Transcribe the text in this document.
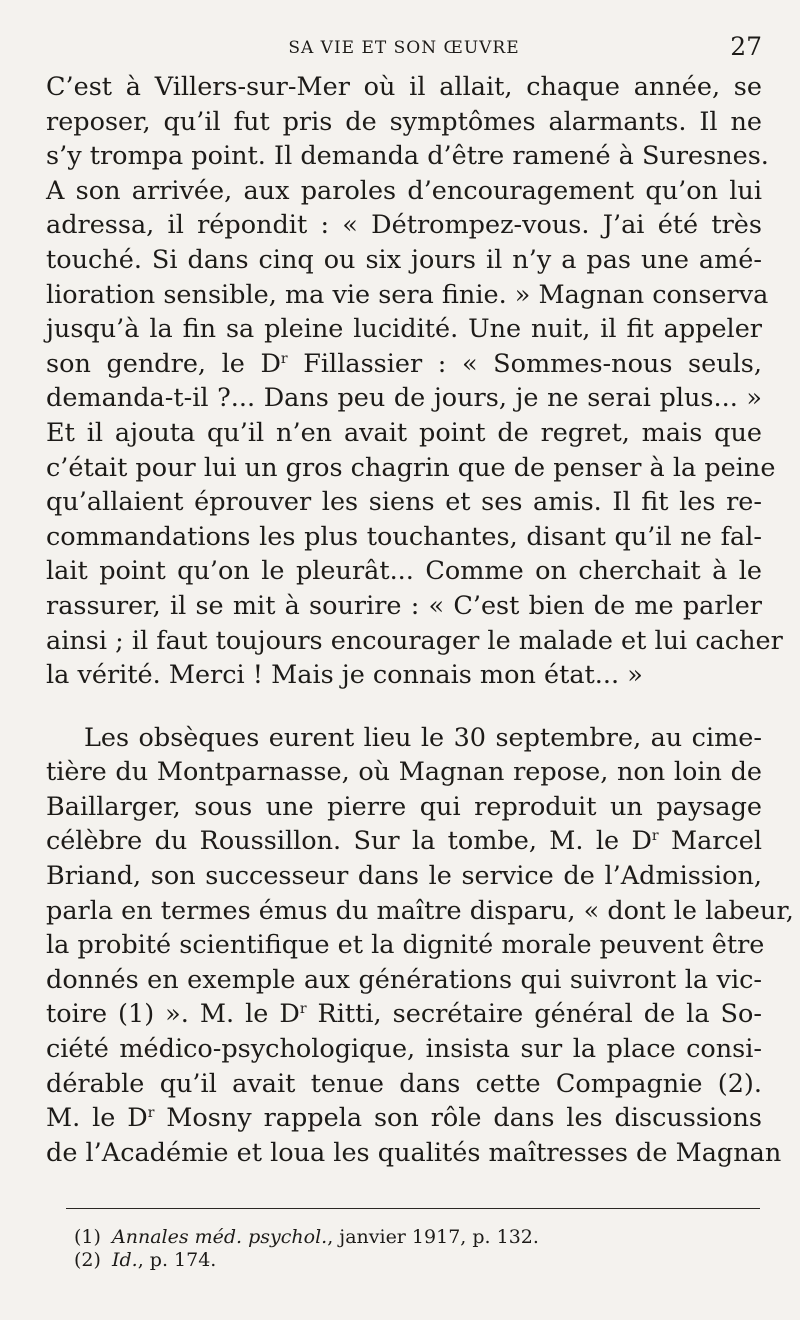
SA VIE ET SON ŒUVRE	27
C’est à Villers-sur-Mer où il allait, chaque année, se
reposer, qu’il fut pris de symptômes alarmants. Il ne
s’y trompa point. Il demanda d’être ramené à Suresnes.
A son arrivée, aux paroles d’encouragement qu’on lui
adressa, il répondit : « Détrompez-vous. J’ai été très
touché. Si dans cinq ou six jours il n’y a pas une amé-
lioration sensible, ma vie sera finie. » Magnan conserva
jusqu’à la fin sa pleine lucidité. Une nuit, il fit appeler
son gendre, le $D^r$ Fillassier : « Sommes-nous seuls,
demanda-t-il ?... Dans peu de jours, je ne serai plus... »
Et il ajouta qu’il n’en avait point de regret, mais que
c’était pour lui un gros chagrin que de penser à la peine
qu’allaient éprouver les siens et ses amis. Il fit les re-
commandations les plus touchantes, disant qu’il ne fal-
lait point qu’on le pleurât... Comme on cherchait à le
rassurer, il se mit à sourire : « C’est bien de me parler
ainsi ; il faut toujours encourager le malade et lui cacher
la vérité. Merci ! Mais je connais mon état... »
Les obsèques eurent lieu le 30 septembre, au cime-
tière du Montparnasse, où Magnan repose, non loin de
Baillarger, sous une pierre qui reproduit un paysage
célèbre du Roussillon. Sur la tombe, M. le $D^r$ Marcel
Briand, son successeur dans le service de l’Admission,
parla en termes émus du maître disparu, « dont le labeur,
la probité scientifique et la dignité morale peuvent être
donnés en exemple aux générations qui suivront la vic-
toire (1) ». M. le $D^r$ Ritti, secrétaire général de la So-
ciété médico-psychologique, insista sur la place consi-
dérable qu’il avait tenue dans cette Compagnie (2).
M. le $D^r$ Mosny rappela son rôle dans les discussions
de l’Académie et loua les qualités maîtresses de Magnan
(1) Annales méd. psychol., janvier 1917, p. 132.
(2) Id., p. 174.
